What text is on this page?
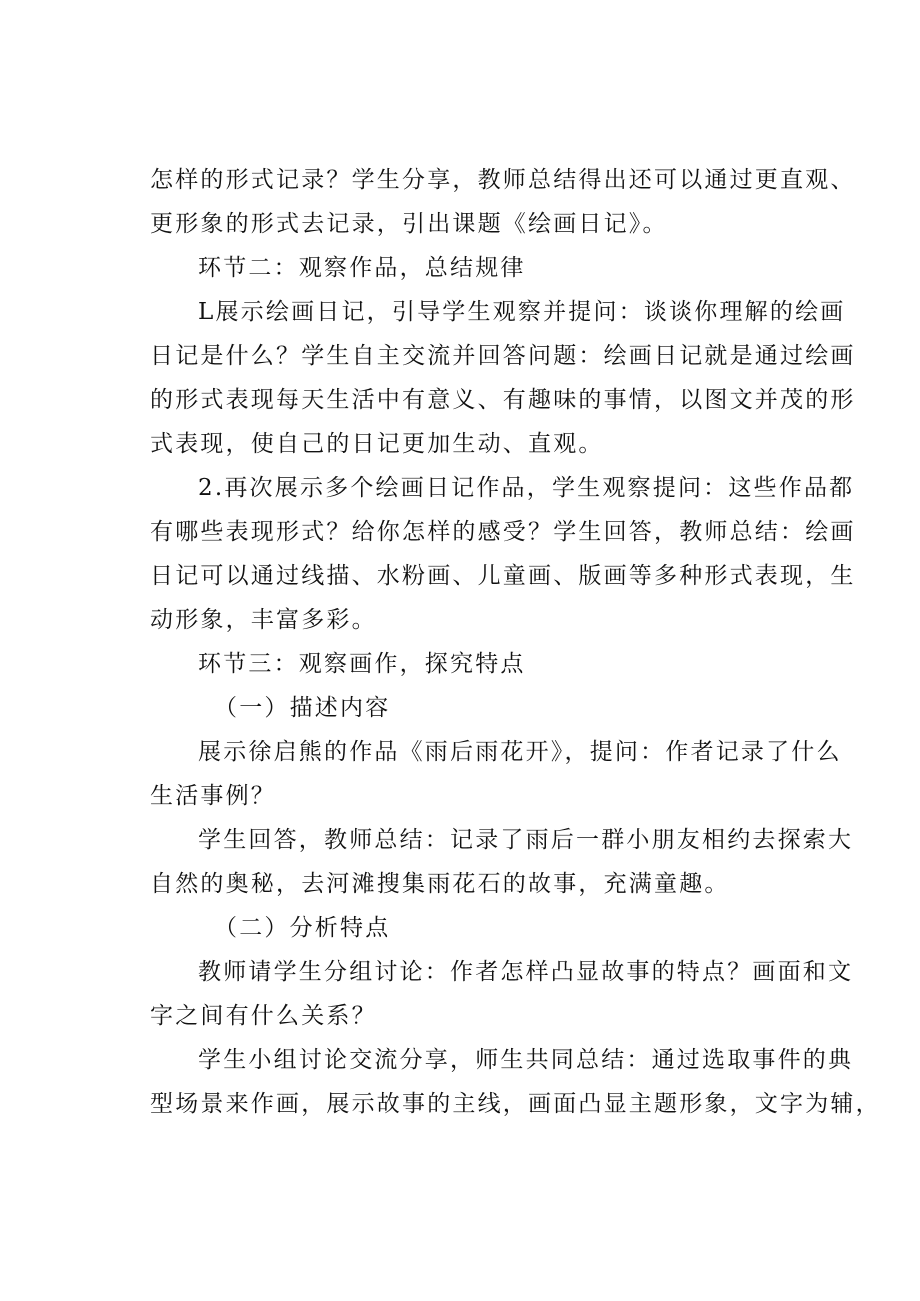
怎样的形式记录？学生分享，教师总结得出还可以通过更直观、
更形象的形式去记录，引出课题《绘画日记》。
环节二：观察作品，总结规律
L展示绘画日记，引导学生观察并提问：谈谈你理解的绘画
日记是什么？学生自主交流并回答问题：绘画日记就是通过绘画
的形式表现每天生活中有意义、有趣味的事情，以图文并茂的形
式表现，使自己的日记更加生动、直观。
2.再次展示多个绘画日记作品，学生观察提问：这些作品都
有哪些表现形式？给你怎样的感受？学生回答，教师总结：绘画
日记可以通过线描、水粉画、儿童画、版画等多种形式表现，生
动形象，丰富多彩。
环节三：观察画作，探究特点
（一）描述内容
展示徐启熊的作品《雨后雨花开》，提问：作者记录了什么
生活事例？
学生回答，教师总结：记录了雨后一群小朋友相约去探索大
自然的奥秘，去河滩搜集雨花石的故事，充满童趣。
（二）分析特点
教师请学生分组讨论：作者怎样凸显故事的特点？画面和文
字之间有什么关系？
学生小组讨论交流分享，师生共同总结：通过选取事件的典
型场景来作画，展示故事的主线，画面凸显主题形象，文字为辅，
